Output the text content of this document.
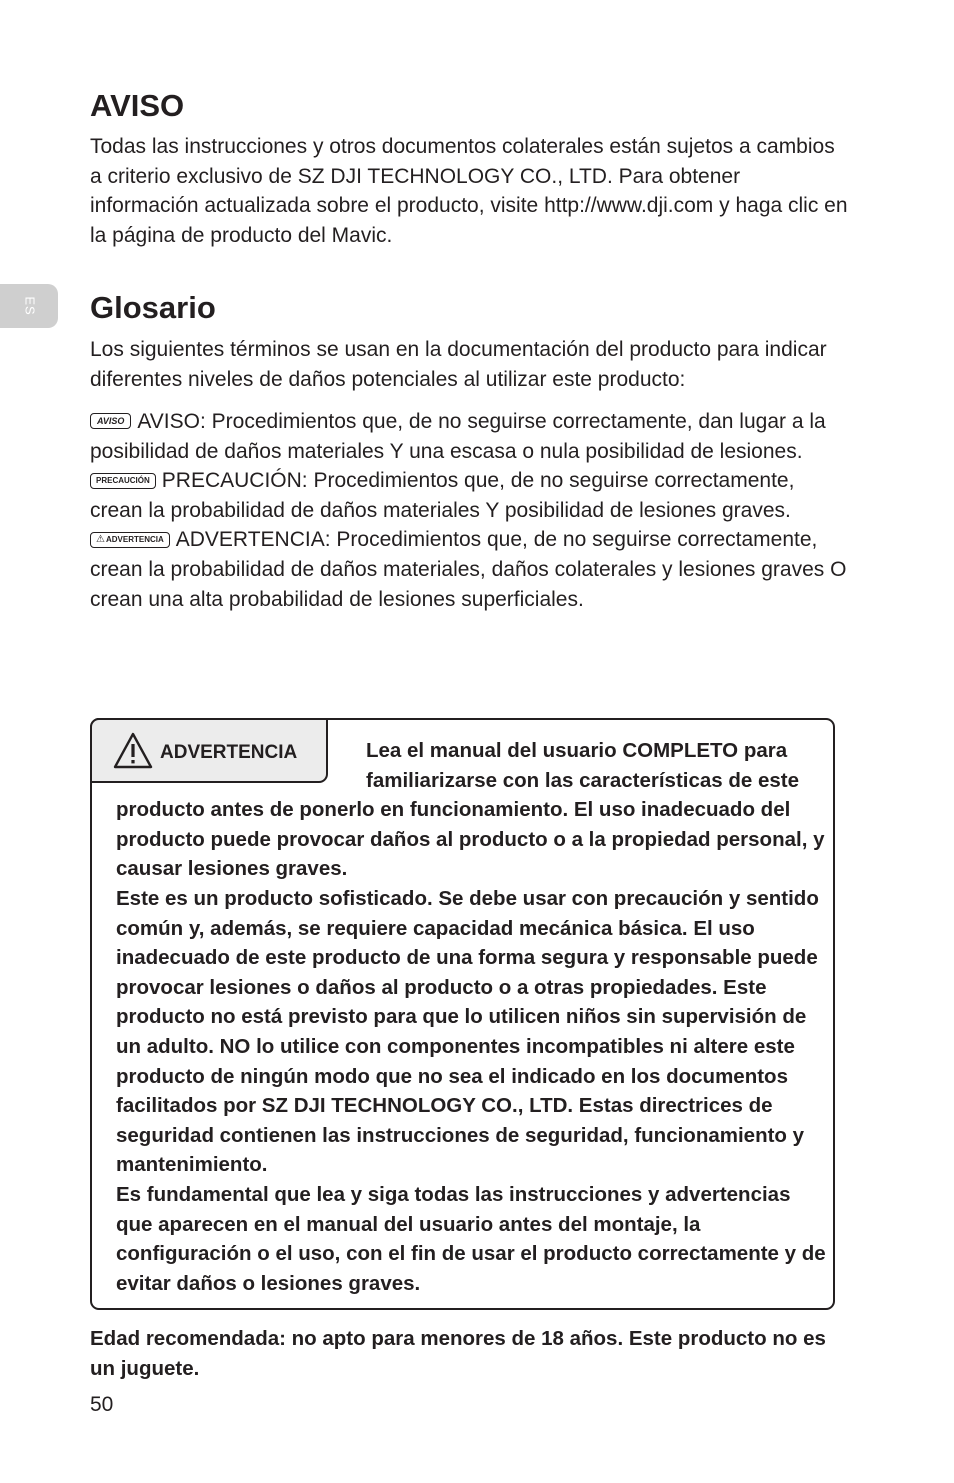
ES
AVISO

Todas las instrucciones y otros documentos colaterales están sujetos a cambios a criterio exclusivo de SZ DJI TECHNOLOGY CO., LTD. Para obtener información actualizada sobre el producto, visite http://www.dji.com y haga clic en la página de producto del Mavic.

Glosario

Los siguientes términos se usan en la documentación del producto para indicar diferentes niveles de daños potenciales al utilizar este producto:

AVISO AVISO: Procedimientos que, de no seguirse correctamente, dan lugar a la posibilidad de daños materiales Y una escasa o nula posibilidad de lesiones.
PRECAUCIÓN PRECAUCIÓN: Procedimientos que, de no seguirse correctamente, crean la probabilidad de daños materiales Y posibilidad de lesiones graves.
⚠ADVERTENCIA ADVERTENCIA: Procedimientos que, de no seguirse correctamente, crean la probabilidad de daños materiales, daños colaterales y lesiones graves O crean una alta probabilidad de lesiones superficiales.
ADVERTENCIA	Lea el manual del usuario COMPLETO para familiarizarse con las características de este producto antes de ponerlo en funcionamiento. El uso inadecuado del producto puede provocar daños al producto o a la propiedad personal, y causar lesiones graves.
Este es un producto sofisticado. Se debe usar con precaución y sentido común y, además, se requiere capacidad mecánica básica. El uso inadecuado de este producto de una forma segura y responsable puede provocar lesiones o daños al producto o a otras propiedades. Este producto no está previsto para que lo utilicen niños sin supervisión de un adulto. NO lo utilice con componentes incompatibles ni altere este producto de ningún modo que no sea el indicado en los documentos facilitados por SZ DJI TECHNOLOGY CO., LTD. Estas directrices de seguridad contienen las instrucciones de seguridad, funcionamiento y mantenimiento.
Es fundamental que lea y siga todas las instrucciones y advertencias que aparecen en el manual del usuario antes del montaje, la configuración o el uso, con el fin de usar el producto correctamente y de evitar daños o lesiones graves.

Edad recomendada: no apto para menores de 18 años. Este producto no es un juguete.

50
